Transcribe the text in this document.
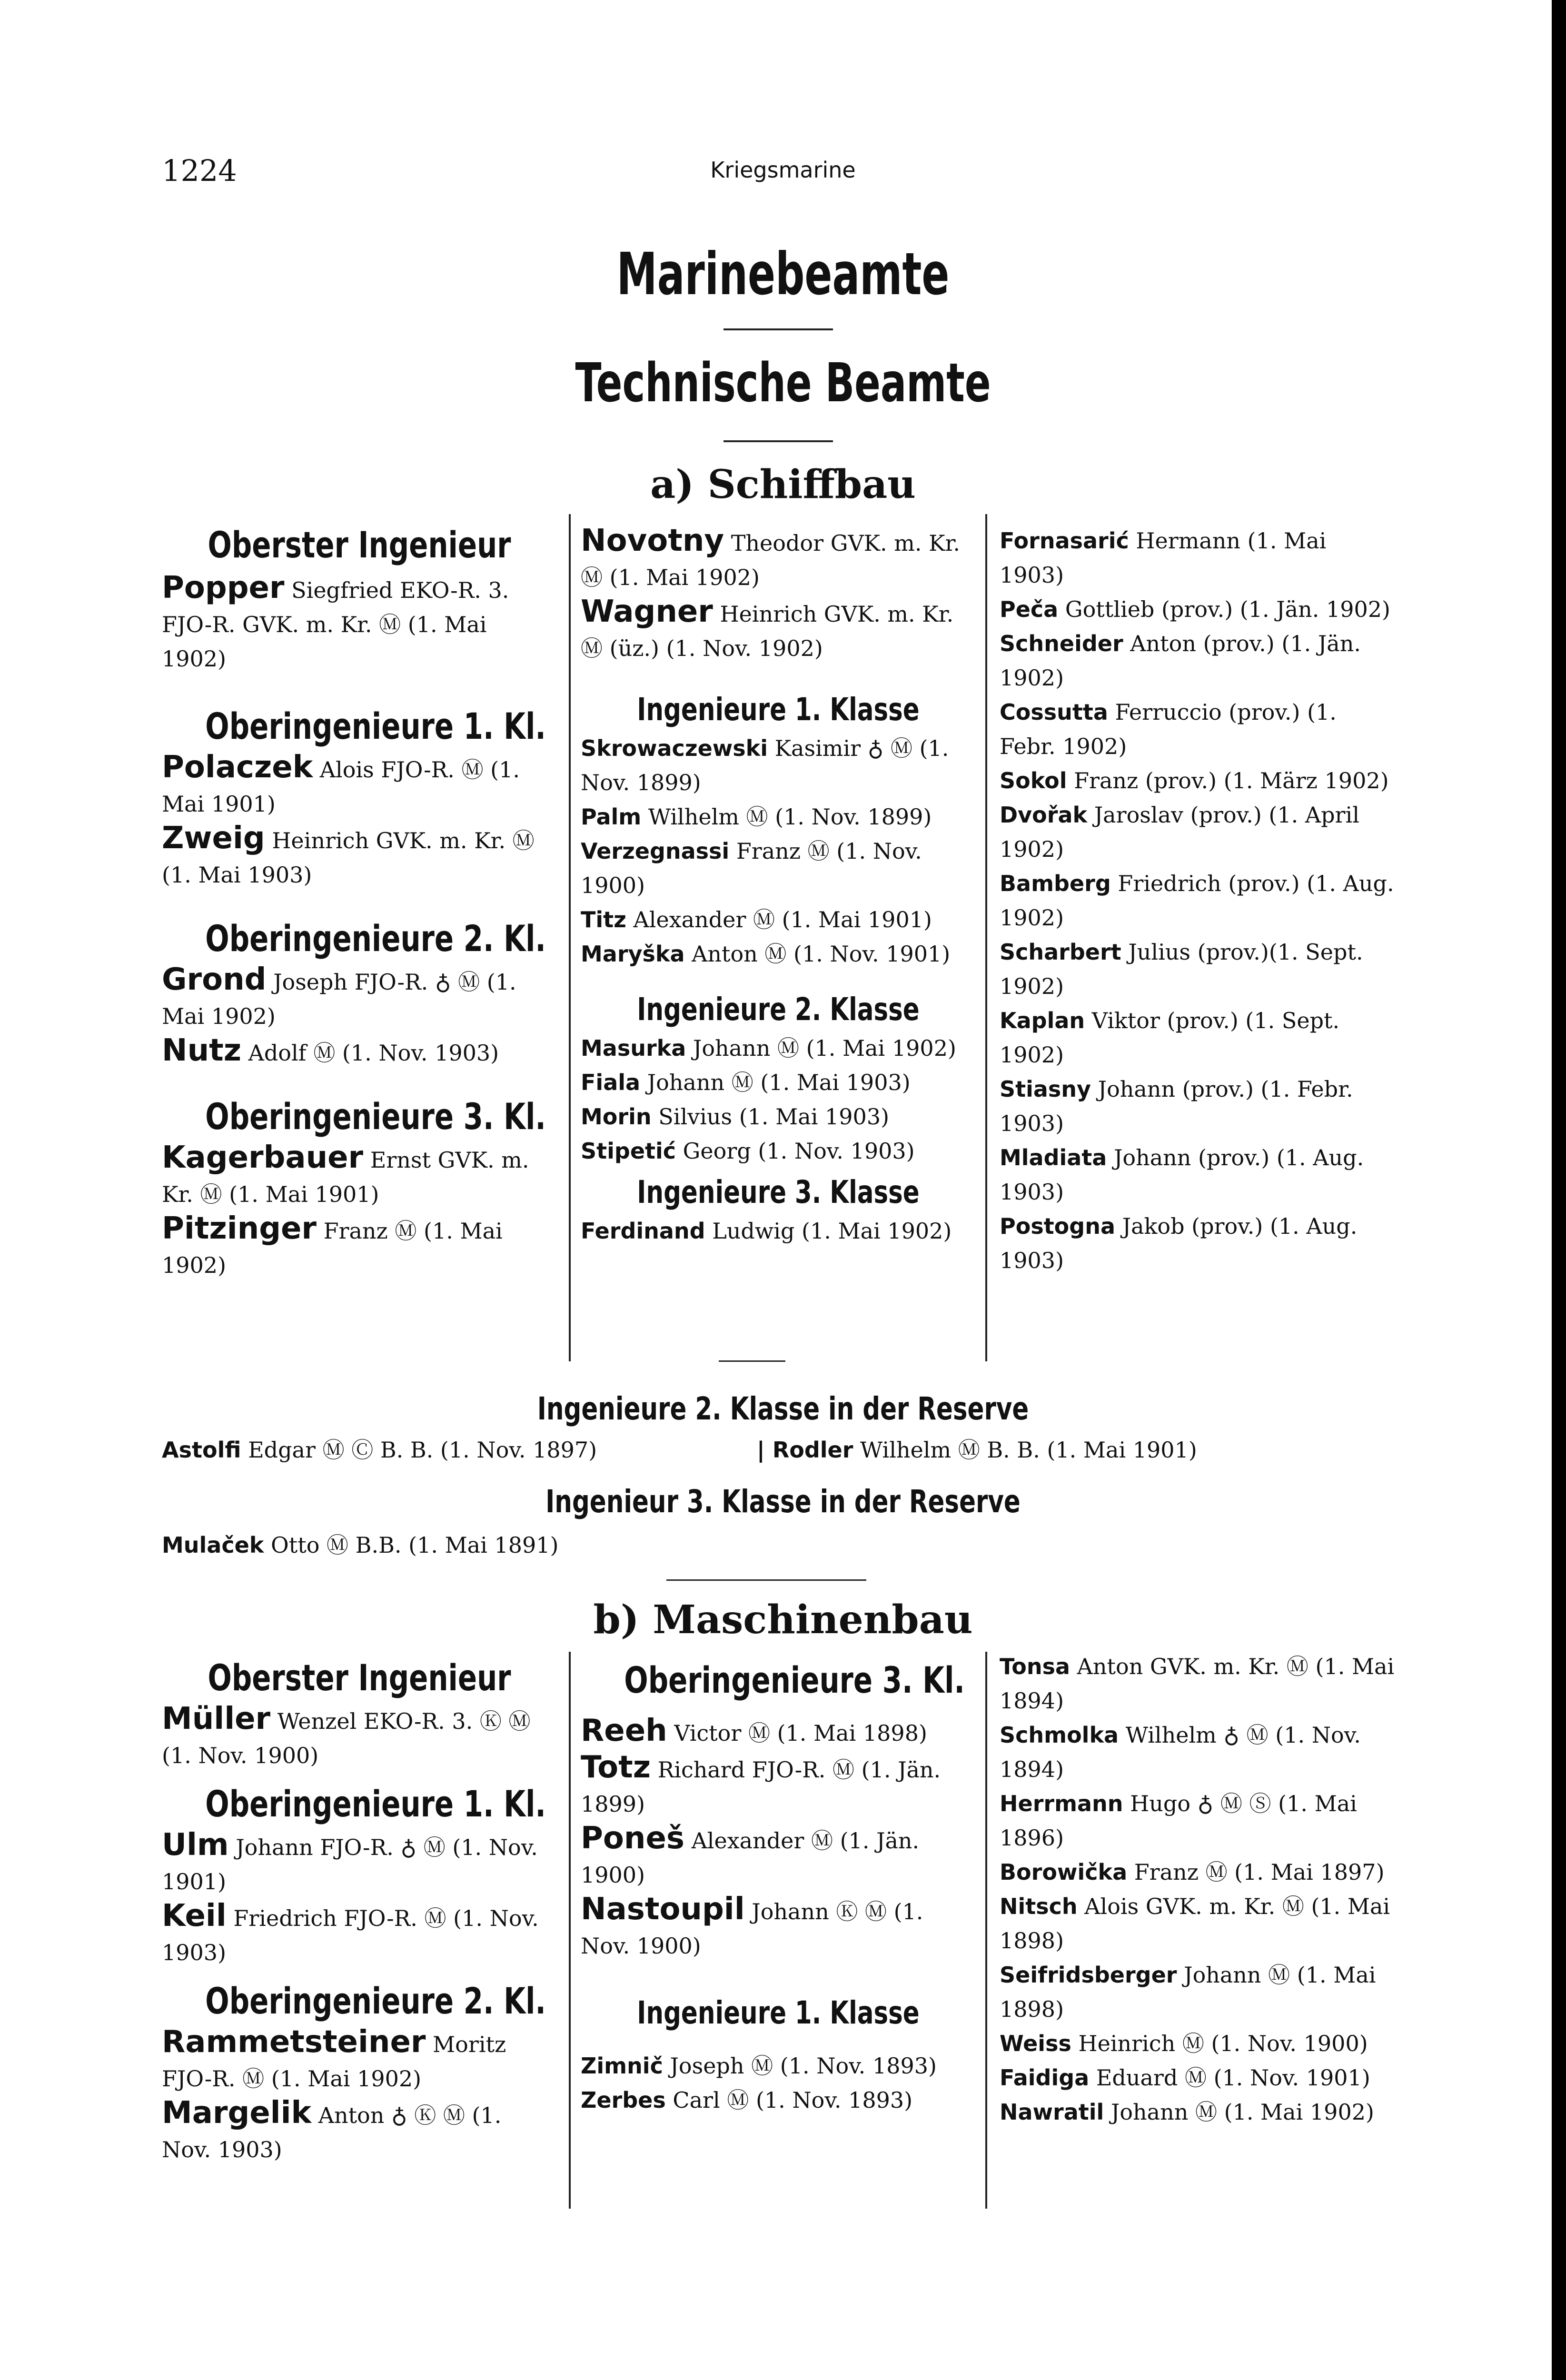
1224	Kriegsmarine
Marinebeamte
Technische Beamte
a) Schiffbau
Oberster Ingenieur
Popper Siegfried EKO-R. 3. FJO-R. GVK. m. Kr. Ⓜ (1. Mai 1902)
Oberingenieure 1. Kl.
Polaczek Alois FJO-R. Ⓜ (1. Mai 1901)
Zweig Heinrich GVK. m. Kr. Ⓜ (1. Mai 1903)
Oberingenieure 2. Kl.
Grond Joseph FJO-R. ♁ Ⓜ (1. Mai 1902)
Nutz Adolf Ⓜ (1. Nov. 1903)
Oberingenieure 3. Kl.
Kagerbauer Ernst GVK. m. Kr. Ⓜ (1. Mai 1901)
Pitzinger Franz Ⓜ (1. Mai 1902)
Novotny Theodor GVK. m. Kr. Ⓜ (1. Mai 1902)
Wagner Heinrich GVK. m. Kr. Ⓜ (üz.) (1. Nov. 1902)
Ingenieure 1. Klasse
Skrowaczewski Kasimir ♁ Ⓜ (1. Nov. 1899)
Palm Wilhelm Ⓜ (1. Nov. 1899)
Verzegnassi Franz Ⓜ (1. Nov. 1900)
Titz Alexander Ⓜ (1. Mai 1901)
Maryška Anton Ⓜ (1. Nov. 1901)
Ingenieure 2. Klasse
Masurka Johann Ⓜ (1. Mai 1902)
Fiala Johann Ⓜ (1. Mai 1903)
Morin Silvius (1. Mai 1903)
Stipetić Georg (1. Nov. 1903)
Ingenieure 3. Klasse
Ferdinand Ludwig (1. Mai 1902)
Fornasarić Hermann (1. Mai 1903)
Peča Gottlieb (prov.) (1. Jän. 1902)
Schneider Anton (prov.) (1. Jän. 1902)
Cossutta Ferruccio (prov.) (1. Febr. 1902)
Sokol Franz (prov.) (1. März 1902)
Dvořak Jaroslav (prov.) (1. April 1902)
Bamberg Friedrich (prov.) (1. Aug. 1902)
Scharbert Julius (prov.)(1. Sept. 1902)
Kaplan Viktor (prov.) (1. Sept. 1902)
Stiasny Johann (prov.) (1. Febr. 1903)
Mladiata Johann (prov.) (1. Aug. 1903)
Postogna Jakob (prov.) (1. Aug. 1903)
Ingenieure 2. Klasse in der Reserve
Astolfi Edgar Ⓜ Ⓒ B. B. (1. Nov. 1897)	| Rodler Wilhelm Ⓜ B. B. (1. Mai 1901)
Ingenieur 3. Klasse in der Reserve
Mulaček Otto Ⓜ B.B. (1. Mai 1891)
b) Maschinenbau
Oberster Ingenieur
Müller Wenzel EKO-R. 3. Ⓚ Ⓜ (1. Nov. 1900)
Oberingenieure 1. Kl.
Ulm Johann FJO-R. ♁ Ⓜ (1. Nov. 1901)
Keil Friedrich FJO-R. Ⓜ (1. Nov. 1903)
Oberingenieure 2. Kl.
Rammetsteiner Moritz FJO-R. Ⓜ (1. Mai 1902)
Margelik Anton ♁ Ⓚ Ⓜ (1. Nov. 1903)
Oberingenieure 3. Kl.
Reeh Victor Ⓜ (1. Mai 1898)
Totz Richard FJO-R. Ⓜ (1. Jän. 1899)
Poneš Alexander Ⓜ (1. Jän. 1900)
Nastoupil Johann Ⓚ Ⓜ (1. Nov. 1900)
Ingenieure 1. Klasse
Zimnič Joseph Ⓜ (1. Nov. 1893)
Zerbes Carl Ⓜ (1. Nov. 1893)
Tonsa Anton GVK. m. Kr. Ⓜ (1. Mai 1894)
Schmolka Wilhelm ♁ Ⓜ (1. Nov. 1894)
Herrmann Hugo ♁ Ⓜ Ⓢ (1. Mai 1896)
Borowička Franz Ⓜ (1. Mai 1897)
Nitsch Alois GVK. m. Kr. Ⓜ (1. Mai 1898)
Seifridsberger Johann Ⓜ (1. Mai 1898)
Weiss Heinrich Ⓜ (1. Nov. 1900)
Faidiga Eduard Ⓜ (1. Nov. 1901)
Nawratil Johann Ⓜ (1. Mai 1902)
